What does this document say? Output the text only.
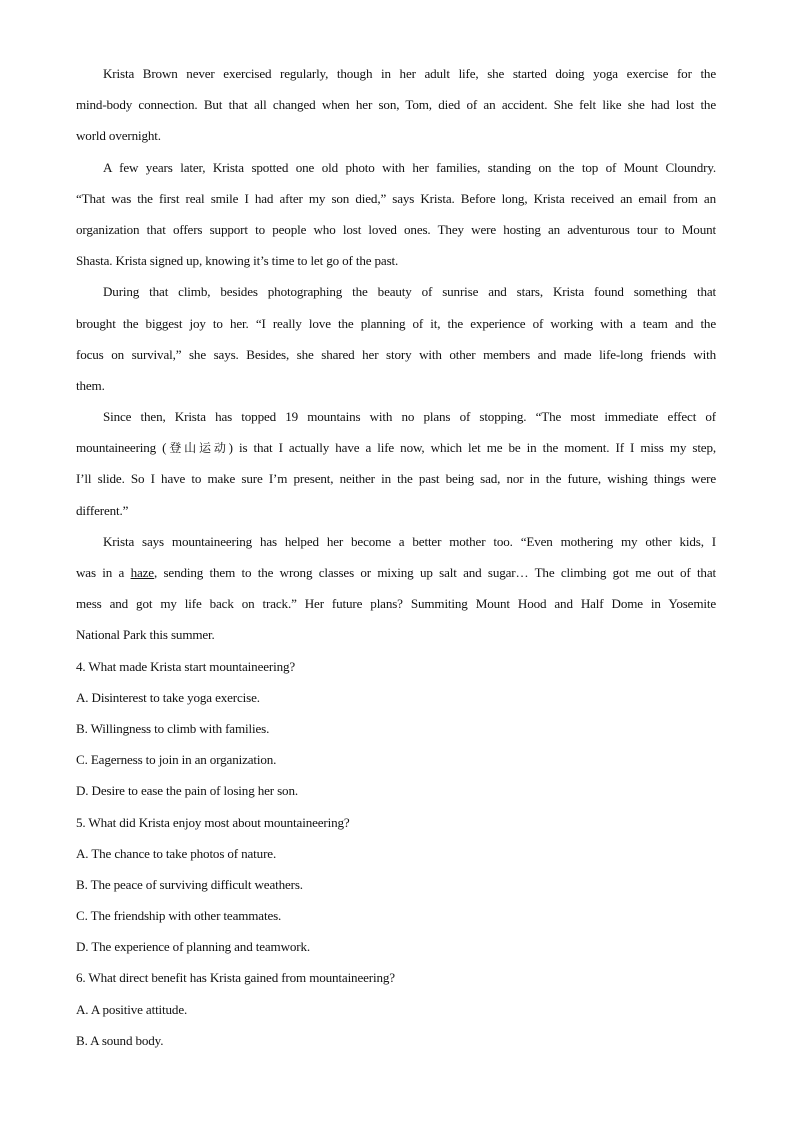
Krista Brown never exercised regularly, though in her adult life, she started doing yoga exercise for the
mind-body connection. But that all changed when her son, Tom, died of an accident. She felt like she had lost the
world overnight.
A few years later, Krista spotted one old photo with her families, standing on the top of Mount Cloundry.
“That was the first real smile I had after my son died,” says Krista. Before long, Krista received an email from an
organization that offers support to people who lost loved ones. They were hosting an adventurous tour to Mount
Shasta. Krista signed up, knowing it’s time to let go of the past.
During that climb, besides photographing the beauty of sunrise and stars, Krista found something that
brought the biggest joy to her. “I really love the planning of it, the experience of working with a team and the
focus on survival,” she says. Besides, she shared her story with other members and made life-long friends with
them.
Since then, Krista has topped 19 mountains with no plans of stopping. “The most immediate effect of
mountaineering (登山运动) is that I actually have a life now, which let me be in the moment. If I miss my step,
I’ll slide. So I have to make sure I’m present, neither in the past being sad, nor in the future, wishing things were
different.”
Krista says mountaineering has helped her become a better mother too. “Even mothering my other kids, I
was in a haze, sending them to the wrong classes or mixing up salt and sugar… The climbing got me out of that
mess and got my life back on track.” Her future plans? Summiting Mount Hood and Half Dome in Yosemite
National Park this summer.
4. What made Krista start mountaineering?
A. Disinterest to take yoga exercise.
B. Willingness to climb with families.
C. Eagerness to join in an organization.
D. Desire to ease the pain of losing her son.
5. What did Krista enjoy most about mountaineering?
A. The chance to take photos of nature.
B. The peace of surviving difficult weathers.
C. The friendship with other teammates.
D. The experience of planning and teamwork.
6. What direct benefit has Krista gained from mountaineering?
A. A positive attitude.
B. A sound body.
